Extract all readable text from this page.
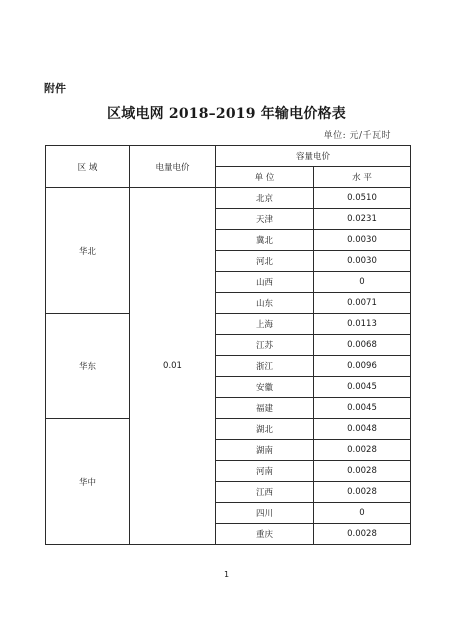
附件
区域电网 2018–2019 年输电价格表
单位: 元/千瓦时
区 域	电量电价	容量电价	
		单 位	水 平
华北	0.01	北京	0.0510
		天津	0.0231
		冀北	0.0030
		河北	0.0030
		山西	0
		山东	0.0071
华东		上海	0.0113
		江苏	0.0068
		浙江	0.0096
		安徽	0.0045
		福建	0.0045
华中		湖北	0.0048
		湖南	0.0028
		河南	0.0028
		江西	0.0028
		四川	0
		重庆	0.0028
1
